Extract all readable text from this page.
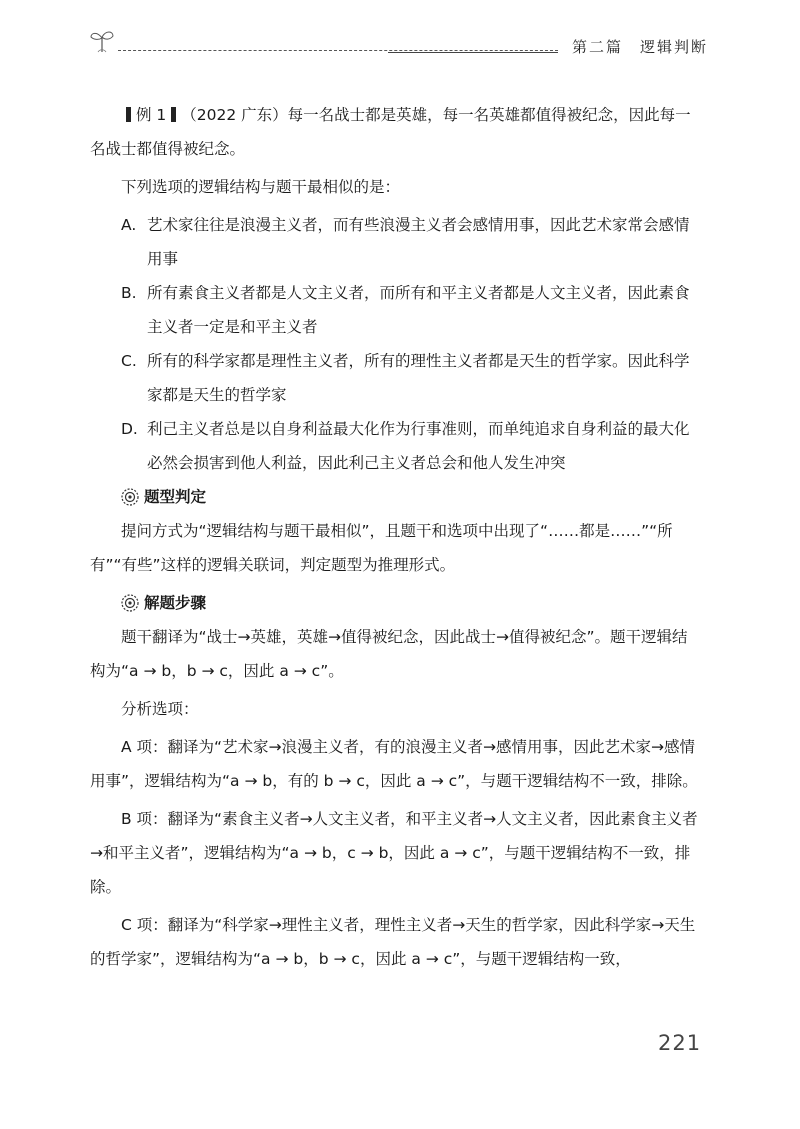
第二篇　逻辑判断

例 1 （2022 广东）每一名战士都是英雄，每一名英雄都值得被纪念，因此每一名战士都值得被纪念。

下列选项的逻辑结构与题干最相似的是：

A. 艺术家往往是浪漫主义者，而有些浪漫主义者会感情用事，因此艺术家常会感情用事
B. 所有素食主义者都是人文主义者，而所有和平主义者都是人文主义者，因此素食主义者一定是和平主义者
C. 所有的科学家都是理性主义者，所有的理性主义者都是天生的哲学家。因此科学家都是天生的哲学家
D. 利己主义者总是以自身利益最大化作为行事准则，而单纯追求自身利益的最大化必然会损害到他人利益，因此利己主义者总会和他人发生冲突
题型判定

提问方式为“逻辑结构与题干最相似”，且题干和选项中出现了“……都是……”“所有”“有些”这样的逻辑关联词，判定题型为推理形式。

解题步骤

题干翻译为“战士→英雄，英雄→值得被纪念，因此战士→值得被纪念”。题干逻辑结构为“a → b，b → c，因此 a → c”。

分析选项：

A 项：翻译为“艺术家→浪漫主义者，有的浪漫主义者→感情用事，因此艺术家→感情用事”，逻辑结构为“a → b，有的 b → c，因此 a → c”，与题干逻辑结构不一致，排除。

B 项：翻译为“素食主义者→人文主义者，和平主义者→人文主义者，因此素食主义者→和平主义者”，逻辑结构为“a → b，c → b，因此 a → c”，与题干逻辑结构不一致，排除。

C 项：翻译为“科学家→理性主义者，理性主义者→天生的哲学家，因此科学家→天生的哲学家”，逻辑结构为“a → b，b → c，因此 a → c”，与题干逻辑结构一致，

221
